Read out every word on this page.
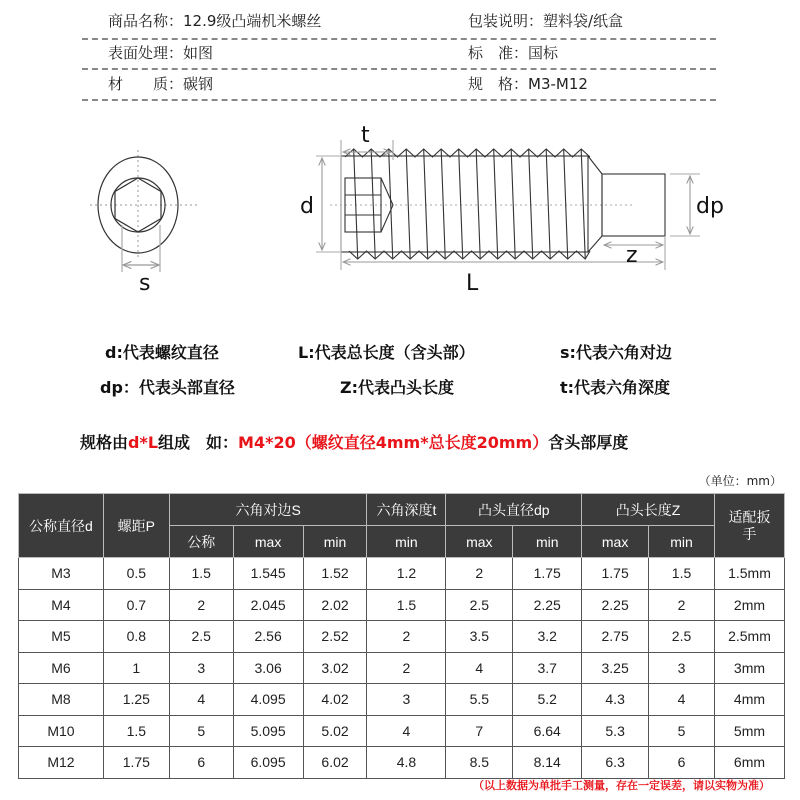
商品名称：12.9级凸端机米螺丝	包装说明：塑料袋/纸盒
表面处理：如图	标　准：国标
材　　质：碳钢	规　格：M3-M12
s
t
d	dp
z
L
d:代表螺纹直径	L:代表总长度（含头部）	s:代表六角对边
dp：代表头部直径	Z:代表凸头长度	t:代表六角深度
规格由d*L组成　如：M4*20（螺纹直径4mm*总长度20mm）含头部厚度
（单位：mm）
公称直径d	螺距P	六角对边S			六角深度t	凸头直径dp		凸头长度Z		适配扳手
		公称	max	min	min	max	min	max	min	
M3	0.5	1.5	1.545	1.52	1.2	2	1.75	1.75	1.5	1.5mm
M4	0.7	2	2.045	2.02	1.5	2.5	2.25	2.25	2	2mm
M5	0.8	2.5	2.56	2.52	2	3.5	3.2	2.75	2.5	2.5mm
M6	1	3	3.06	3.02	2	4	3.7	3.25	3	3mm
M8	1.25	4	4.095	4.02	3	5.5	5.2	4.3	4	4mm
M10	1.5	5	5.095	5.02	4	7	6.64	5.3	5	5mm
M12	1.75	6	6.095	6.02	4.8	8.5	8.14	6.3	6	6mm
（以上数据为单批手工测量，存在一定误差，请以实物为准）
